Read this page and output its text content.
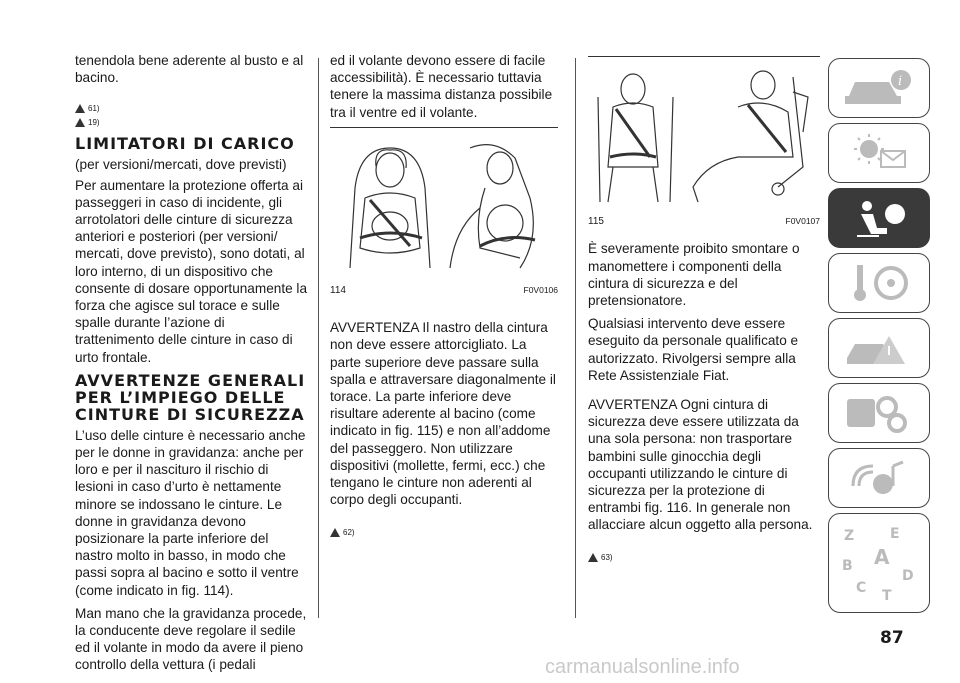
tenendola bene aderente al busto e al bacino.

61)
19)
LIMITATORI DI CARICO

(per versioni/mercati, dove previsti)

Per aumentare la protezione offerta ai passeggeri in caso di incidente, gli arrotolatori delle cinture di sicurezza anteriori e posteriori (per versioni/ mercati, dove previsto), sono dotati, al loro interno, di un dispositivo che consente di dosare opportunamente la forza che agisce sul torace e sulle spalle durante l’azione di trattenimento delle cinture in caso di urto frontale.

AVVERTENZE GENERALI PER L’IMPIEGO DELLE CINTURE DI SICUREZZA

L’uso delle cinture è necessario anche per le donne in gravidanza: anche per loro e per il nascituro il rischio di lesioni in caso d’urto è nettamente minore se indossano le cinture. Le donne in gravidanza devono posizionare la parte inferiore del nastro molto in basso, in modo che passi sopra al bacino e sotto il ventre (come indicato in fig. 114).

Man mano che la gravidanza procede, la conducente deve regolare il sedile ed il volante in modo da avere il pieno controllo della vettura (i pedali

ed il volante devono essere di facile accessibilità). È necessario tuttavia tenere la massima distanza possibile tra il ventre ed il volante.

114	F0V0106

AVVERTENZA Il nastro della cintura non deve essere attorcigliato. La parte superiore deve passare sulla spalla e attraversare diagonalmente il torace. La parte inferiore deve risultare aderente al bacino (come indicato in fig. 115) e non all’addome del passeggero. Non utilizzare dispositivi (mollette, fermi, ecc.) che tengano le cinture non aderenti al corpo degli occupanti.

62)
115	F0V0107

È severamente proibito smontare o manomettere i componenti della cintura di sicurezza e del pretensionatore.

Qualsiasi intervento deve essere eseguito da personale qualificato e autorizzato. Rivolgersi sempre alla Rete Assistenziale Fiat.

AVVERTENZA Ogni cintura di sicurezza deve essere utilizzata da una sola persona: non trasportare bambini sulle ginocchia degli occupanti utilizzando le cinture di sicurezza per la protezione di entrambi fig. 116. In generale non allacciare alcun oggetto alla persona.

63)
i
Z	E
A
B
C
D
T
87
carmanualsonline.info
